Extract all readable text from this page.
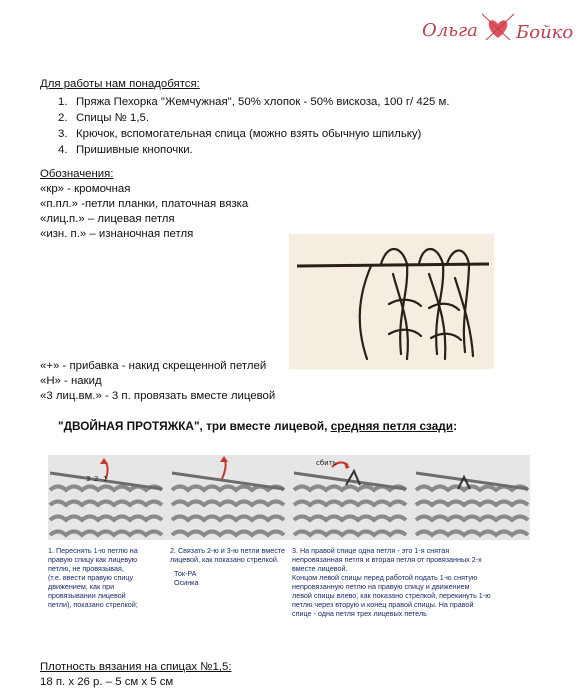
Ольга Бойко
Для работы нам понадобятся:
1. Пряжа Пехорка "Жемчужная", 50% хлопок - 50% вискоза, 100 г/ 425 м.
2. Спицы № 1,5.
3. Крючок, вспомогательная спица (можно взять обычную шпильку)
4. Пришивные кнопочки.
Обозначения:
«кр» - кромочная
«п.пл.» -петли планки, платочная вязка
«лиц.п.» – лицевая петля
«изн. п.» – изнаночная петля
«+» - прибавка - накид скрещенной петлей
«Н» - накид
«3 лиц.вм.» - 3 п. провязать вместе лицевой
"ДВОЙНАЯ ПРОТЯЖКА", три вместе лицевой, средняя петля сзади:
3 2 1
сбить
1. Переснять 1-ю петлю на
правую спицу как лицевую
петлю, не провязывая,
(т.е. ввести правую спицу
движением, как при
провязывании лицевой
петли), показано стрелкой;
2. Связать 2-ю и 3-ю петли вместе
лицевой, как показано стрелкой.
Ток-РА
Осинка
3. На правой спице одна петля - это 1-я снятая
непровязанная петля и вторая петля от провязанных 2-х
вместе лицевой.
Концом левой спицы перед работой подать 1-ю снятую
непровязанную петлю на правую спицу и движением
левой спицы влево, как показано стрелкой, перекинуть 1-ю
петлю через вторую и конец правой спицы. На правой
спице - одна петля трех лицевых петель
Плотность вязания на спицах №1,5:
18 п. х 26 р. – 5 см х 5 см
